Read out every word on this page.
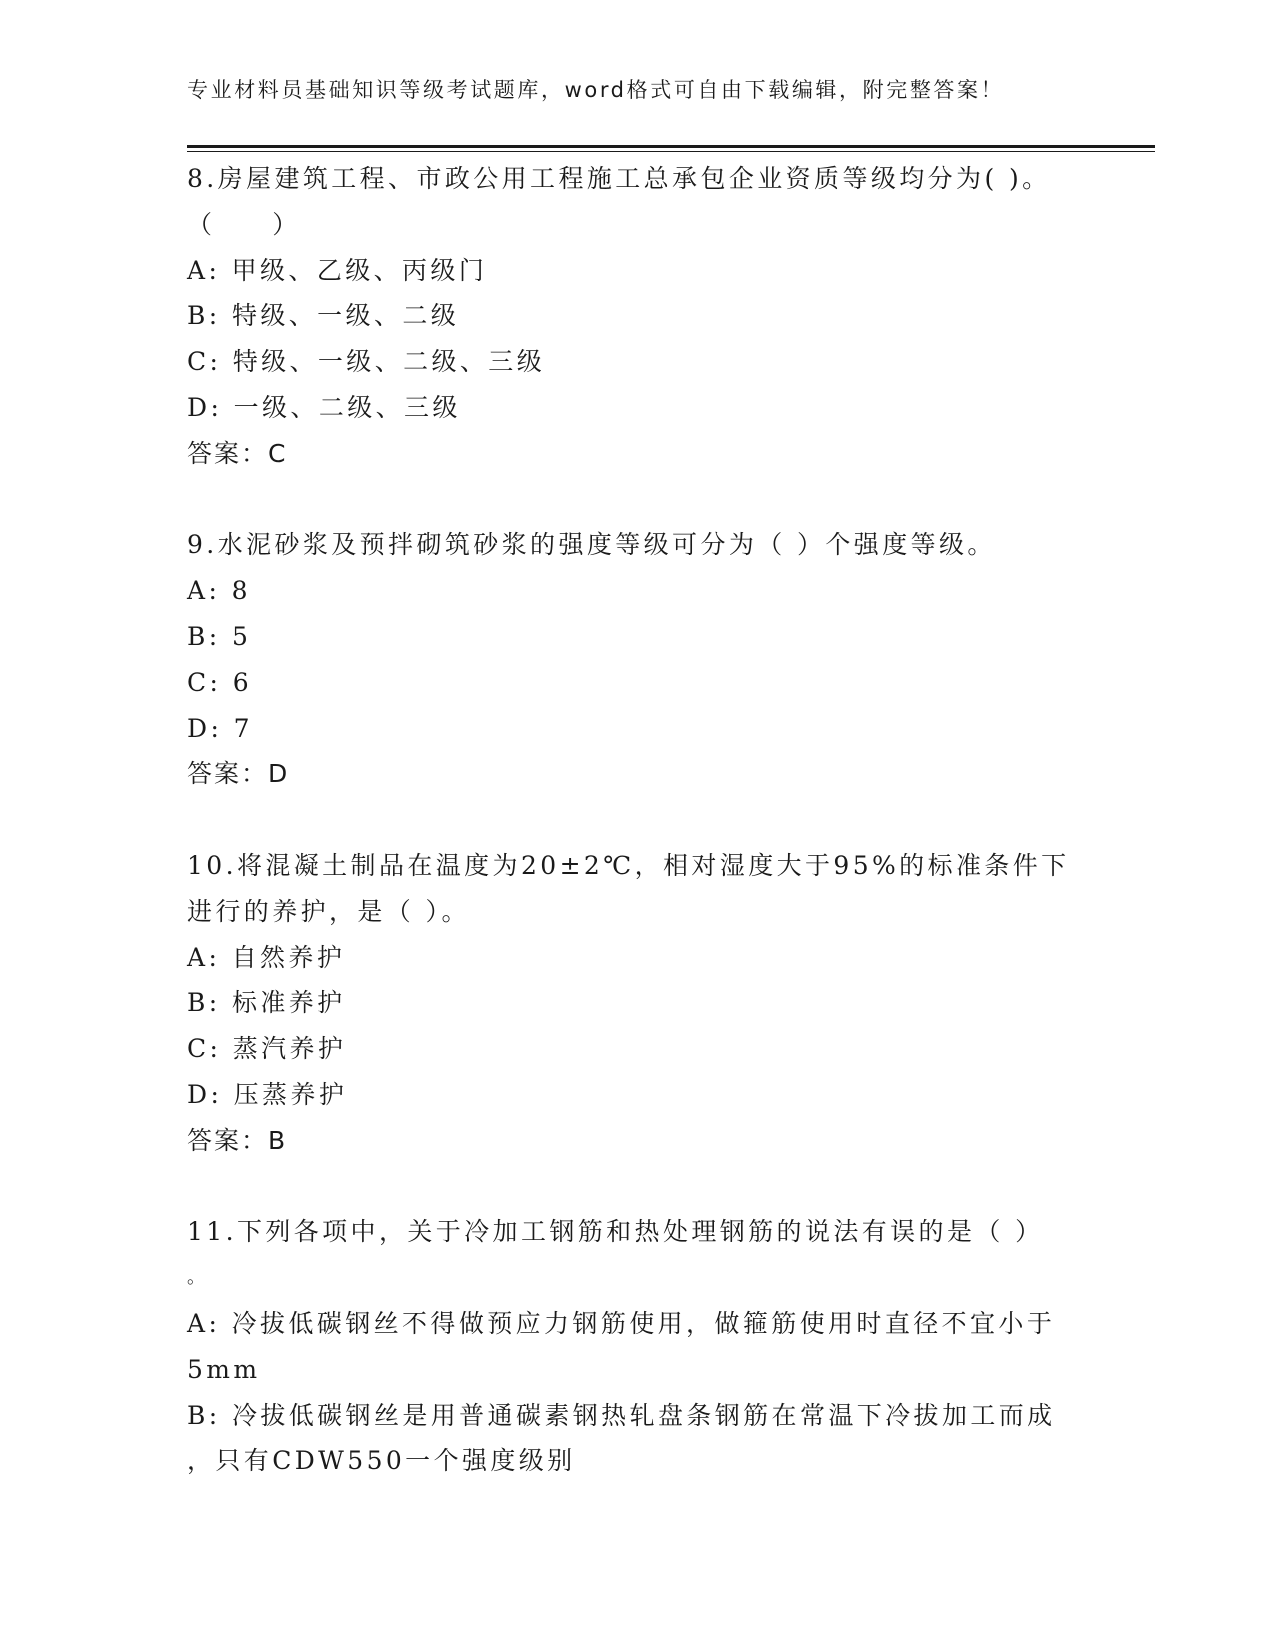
专业材料员基础知识等级考试题库，word格式可自由下载编辑，附完整答案！
8.房屋建筑工程、市政公用工程施工总承包企业资质等级均分为( )。
（　　）
A: 甲级、乙级、丙级门
B: 特级、一级、二级
C: 特级、一级、二级、三级
D: 一级、二级、三级
答案：C
9.水泥砂浆及预拌砌筑砂浆的强度等级可分为（ ）个强度等级。
A: 8
B: 5
C: 6
D: 7
答案：D
10.将混凝土制品在温度为20±2℃，相对湿度大于95%的标准条件下
进行的养护，是（ ）。
A: 自然养护
B: 标准养护
C: 蒸汽养护
D: 压蒸养护
答案：B
11.下列各项中，关于冷加工钢筋和热处理钢筋的说法有误的是（ ）
。
A: 冷拔低碳钢丝不得做预应力钢筋使用，做箍筋使用时直径不宜小于
5mm
B: 冷拔低碳钢丝是用普通碳素钢热轧盘条钢筋在常温下冷拔加工而成
，只有CDW550一个强度级别
